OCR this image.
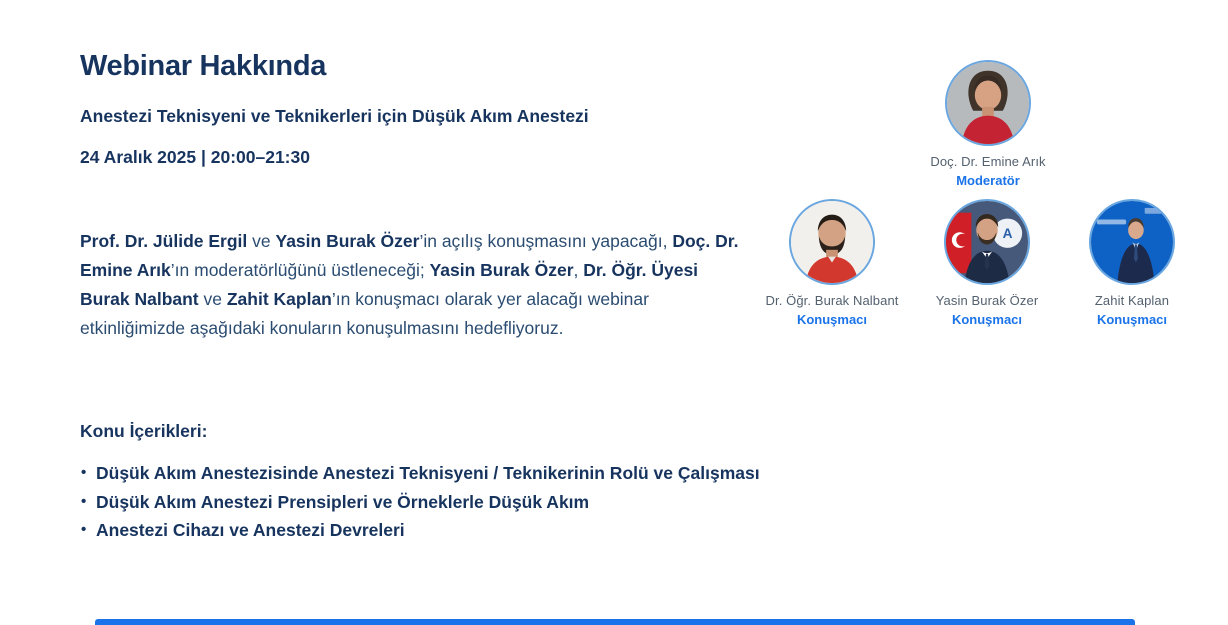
Webinar Hakkında
Anestezi Teknisyeni ve Teknikerleri için Düşük Akım Anestezi
24 Aralık 2025 | 20:00–21:30

Prof. Dr. Jülide Ergil ve Yasin Burak Özer’in açılış konuşmasını yapacağı, Doç. Dr. Emine Arık’ın moderatörlüğünü üstleneceği; Yasin Burak Özer, Dr. Öğr. Üyesi Burak Nalbant ve Zahit Kaplan’ın konuşmacı olarak yer alacağı webinar etkinliğimizde aşağıdaki konuların konuşulmasını hedefliyoruz.

Konu İçerikleri:
• Düşük Akım Anestezisinde Anestezi Teknisyeni / Teknikerinin Rolü ve Çalışması
• Düşük Akım Anestezi Prensipleri ve Örneklerle Düşük Akım
• Anestezi Cihazı ve Anestezi Devreleri
Doç. Dr. Emine Arık
Moderatör
Dr. Öğr. Burak Nalbant
Konuşmacı
A
Yasin Burak Özer
Konuşmacı
Zahit Kaplan
Konuşmacı
